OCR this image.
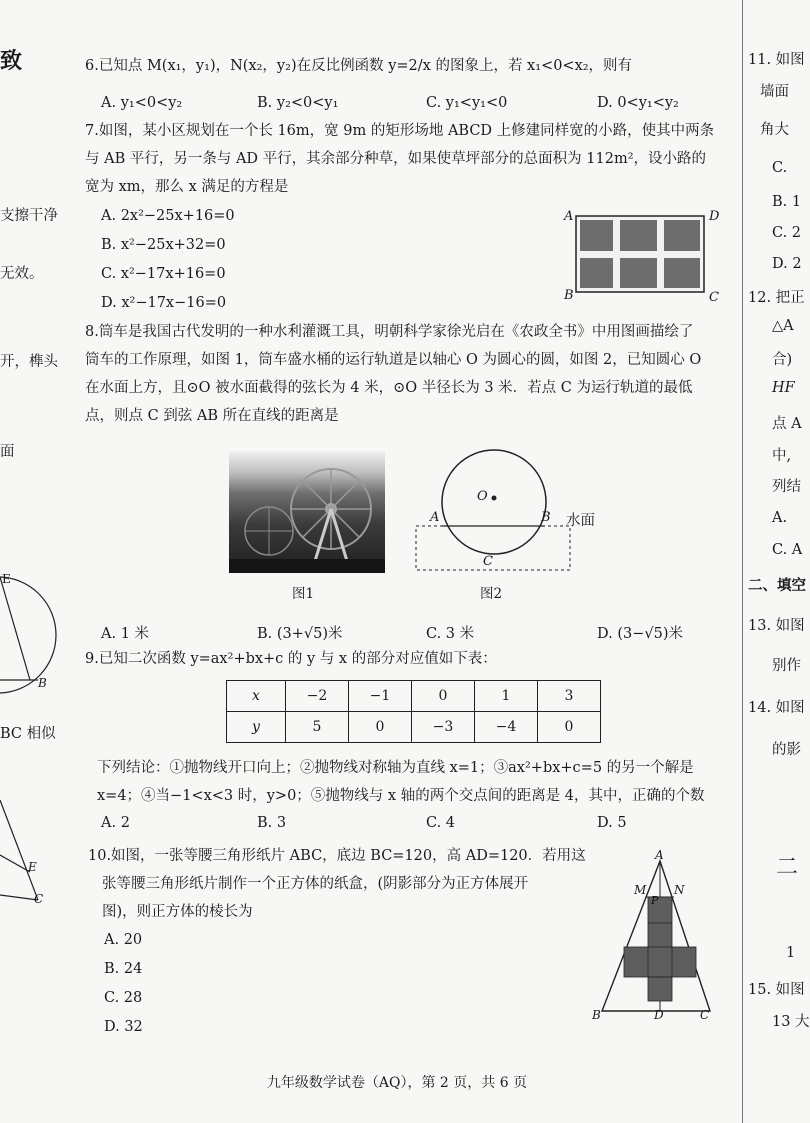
致
支擦干净
无效。
开，榫头
面
E
B
BC 相似
E
C
6.已知点 M(x₁，y₁)，N(x₂，y₂)在反比例函数 y=2/x 的图象上，若 x₁<0<x₂，则有
A. y₁<0<y₂	B. y₂<0<y₁	C. y₁<y₁<0	D. 0<y₁<y₂
7.如图，某小区规划在一个长 16m，宽 9m 的矩形场地 ABCD 上修建同样宽的小路，使其中两条
与 AB 平行，另一条与 AD 平行，其余部分种草，如果使草坪部分的总面积为 112m²，设小路的
宽为 xm，那么 x 满足的方程是
A. 2x²−25x+16=0
B. x²−25x+32=0
C. x²−17x+16=0
D. x²−17x−16=0
A	D
B	C
8.筒车是我国古代发明的一种水利灌溉工具，明朝科学家徐光启在《农政全书》中用图画描绘了
筒车的工作原理，如图 1，筒车盛水桶的运行轨道是以轴心 O 为圆心的圆，如图 2，已知圆心 O
在水面上方，且⊙O 被水面截得的弦长为 4 米，⊙O 半径长为 3 米．若点 C 为运行轨道的最低
点，则点 C 到弦 AB 所在直线的距离是
图1
O
A	B
C
水面
图2
A. 1 米	B. (3+√5)米	C. 3 米	D. (3−√5)米
9.已知二次函数 y=ax²+bx+c 的 y 与 x 的部分对应值如下表：
x	−2	−1	0	1	3
y	5	0	−3	−4	0
下列结论：①抛物线开口向上；②抛物线对称轴为直线 x=1；③ax²+bx+c=5 的另一个解是
x=4；④当−1<x<3 时，y>0；⑤抛物线与 x 轴的两个交点间的距离是 4，其中，正确的个数
A. 2	B. 3	C. 4	D. 5
10.如图，一张等腰三角形纸片 ABC，底边 BC=120，高 AD=120．若用这
张等腰三角形纸片制作一个正方体的纸盒，(阴影部分为正方体展开
图)，则正方体的棱长为
A. 20
B. 24
C. 28
D. 32
A
M N
P
B	D	C
11. 如图
墙面
角大
C.
B. 1
C. 2
D. 2
12. 把正
△A
合)
HF
点 A
中,
列结
A.
C. A
二、填空
13. 如图
别作
14. 如图
的影
二
1
15. 如图
13 大
九年级数学试卷（AQ），第 2 页，共 6 页
